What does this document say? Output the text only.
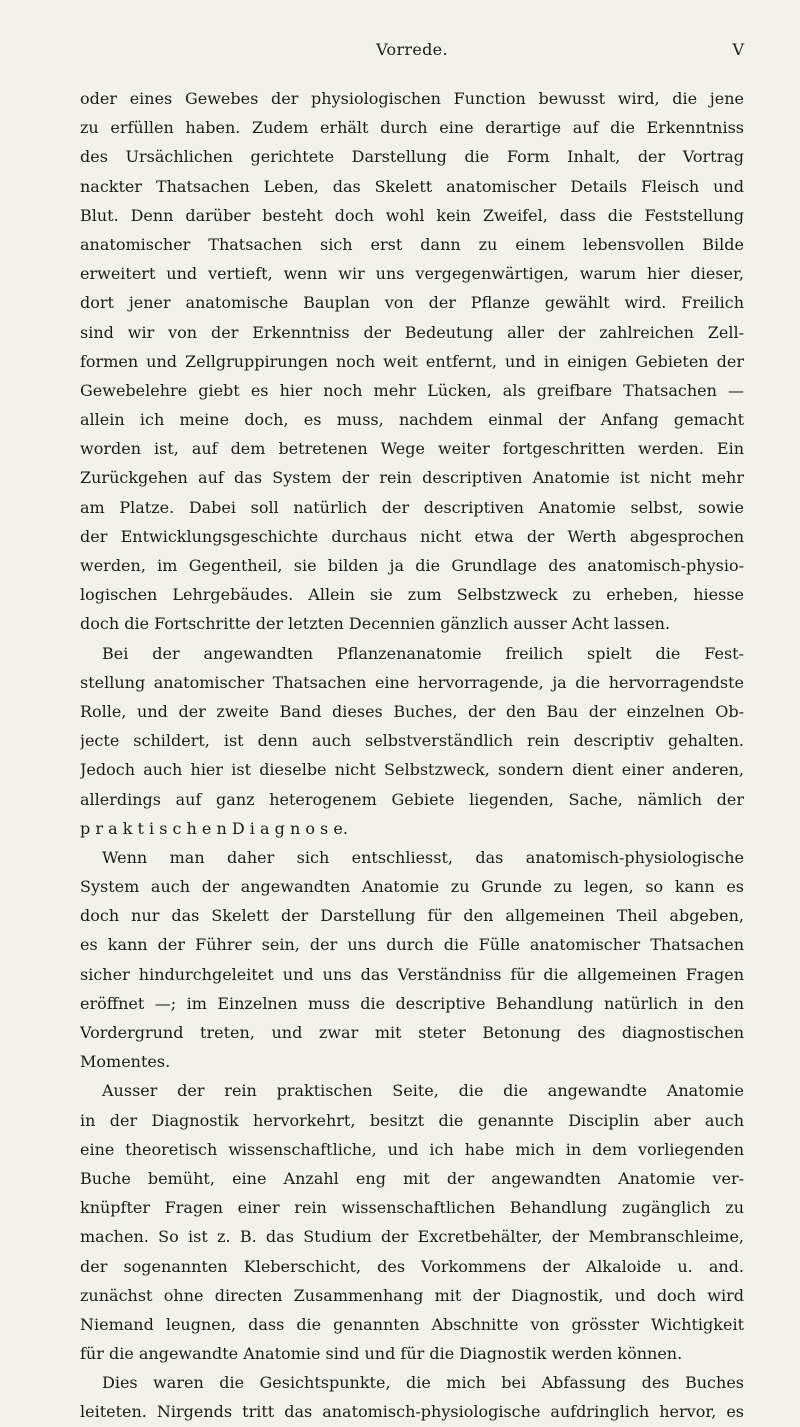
Vorrede.	V
oder eines Gewebes der physiologischen Function bewusst wird, die jene
zu erfüllen haben. Zudem erhält durch eine derartige auf die Erkenntniss
des Ursächlichen gerichtete Darstellung die Form Inhalt, der Vortrag
nackter Thatsachen Leben, das Skelett anatomischer Details Fleisch und
Blut. Denn darüber besteht doch wohl kein Zweifel, dass die Feststellung
anatomischer Thatsachen sich erst dann zu einem lebensvollen Bilde
erweitert und vertieft, wenn wir uns vergegenwärtigen, warum hier dieser,
dort jener anatomische Bauplan von der Pflanze gewählt wird. Freilich
sind wir von der Erkenntniss der Bedeutung aller der zahlreichen Zell-
formen und Zellgruppirungen noch weit entfernt, und in einigen Gebieten der
Gewebelehre giebt es hier noch mehr Lücken, als greifbare Thatsachen —
allein ich meine doch, es muss, nachdem einmal der Anfang gemacht
worden ist, auf dem betretenen Wege weiter fortgeschritten werden. Ein
Zurückgehen auf das System der rein descriptiven Anatomie ist nicht mehr
am Platze. Dabei soll natürlich der descriptiven Anatomie selbst, sowie
der Entwicklungsgeschichte durchaus nicht etwa der Werth abgesprochen
werden, im Gegentheil, sie bilden ja die Grundlage des anatomisch-physio-
logischen Lehrgebäudes. Allein sie zum Selbstzweck zu erheben, hiesse
doch die Fortschritte der letzten Decennien gänzlich ausser Acht lassen.
Bei der angewandten Pflanzenanatomie freilich spielt die Fest-
stellung anatomischer Thatsachen eine hervorragende, ja die hervorragendste
Rolle, und der zweite Band dieses Buches, der den Bau der einzelnen Ob-
jecte schildert, ist denn auch selbstverständlich rein descriptiv gehalten.
Jedoch auch hier ist dieselbe nicht Selbstzweck, sondern dient einer anderen,
allerdings auf ganz heterogenem Gebiete liegenden, Sache, nämlich der
p r a k t i s c h e n D i a g n o s e.
Wenn man daher sich entschliesst, das anatomisch-physiologische
System auch der angewandten Anatomie zu Grunde zu legen, so kann es
doch nur das Skelett der Darstellung für den allgemeinen Theil abgeben,
es kann der Führer sein, der uns durch die Fülle anatomischer Thatsachen
sicher hindurchgeleitet und uns das Verständniss für die allgemeinen Fragen
eröffnet —; im Einzelnen muss die descriptive Behandlung natürlich in den
Vordergrund treten, und zwar mit steter Betonung des diagnostischen
Momentes.
Ausser der rein praktischen Seite, die die angewandte Anatomie
in der Diagnostik hervorkehrt, besitzt die genannte Disciplin aber auch
eine theoretisch wissenschaftliche, und ich habe mich in dem vorliegenden
Buche bemüht, eine Anzahl eng mit der angewandten Anatomie ver-
knüpfter Fragen einer rein wissenschaftlichen Behandlung zugänglich zu
machen. So ist z. B. das Studium der Excretbehälter, der Membranschleime,
der sogenannten Kleberschicht, des Vorkommens der Alkaloide u. and.
zunächst ohne directen Zusammenhang mit der Diagnostik, und doch wird
Niemand leugnen, dass die genannten Abschnitte von grösster Wichtigkeit
für die angewandte Anatomie sind und für die Diagnostik werden können.
Dies waren die Gesichtspunkte, die mich bei Abfassung des Buches
leiteten. Nirgends tritt das anatomisch-physiologische aufdringlich hervor, es
